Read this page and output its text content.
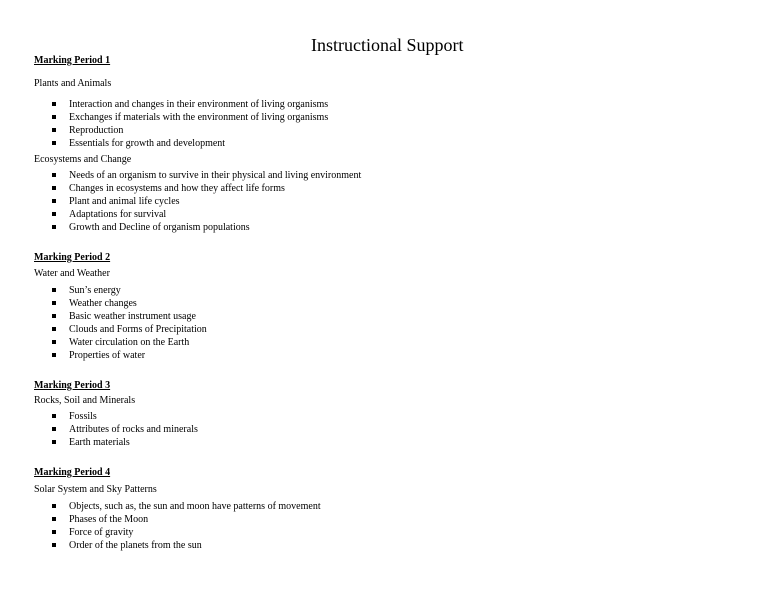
Instructional Support
Marking Period 1
Plants and Animals
Interaction and changes in their environment of living organisms
Exchanges if materials with the environment of living organisms
Reproduction
Essentials for growth and development
Ecosystems and Change
Needs of an organism to survive in their physical and living environment
Changes in ecosystems and how they affect life forms
Plant and animal life cycles
Adaptations for survival
Growth and Decline of organism populations
Marking Period 2
Water and Weather
Sun’s energy
Weather changes
Basic weather instrument usage
Clouds and Forms of Precipitation
Water circulation on the Earth
Properties of water
Marking Period 3
Rocks, Soil and Minerals
Fossils
Attributes of rocks and minerals
Earth materials
Marking Period 4
Solar System and Sky Patterns
Objects, such as, the sun and moon have patterns of movement
Phases of the Moon
Force of gravity
Order of the planets from the sun
